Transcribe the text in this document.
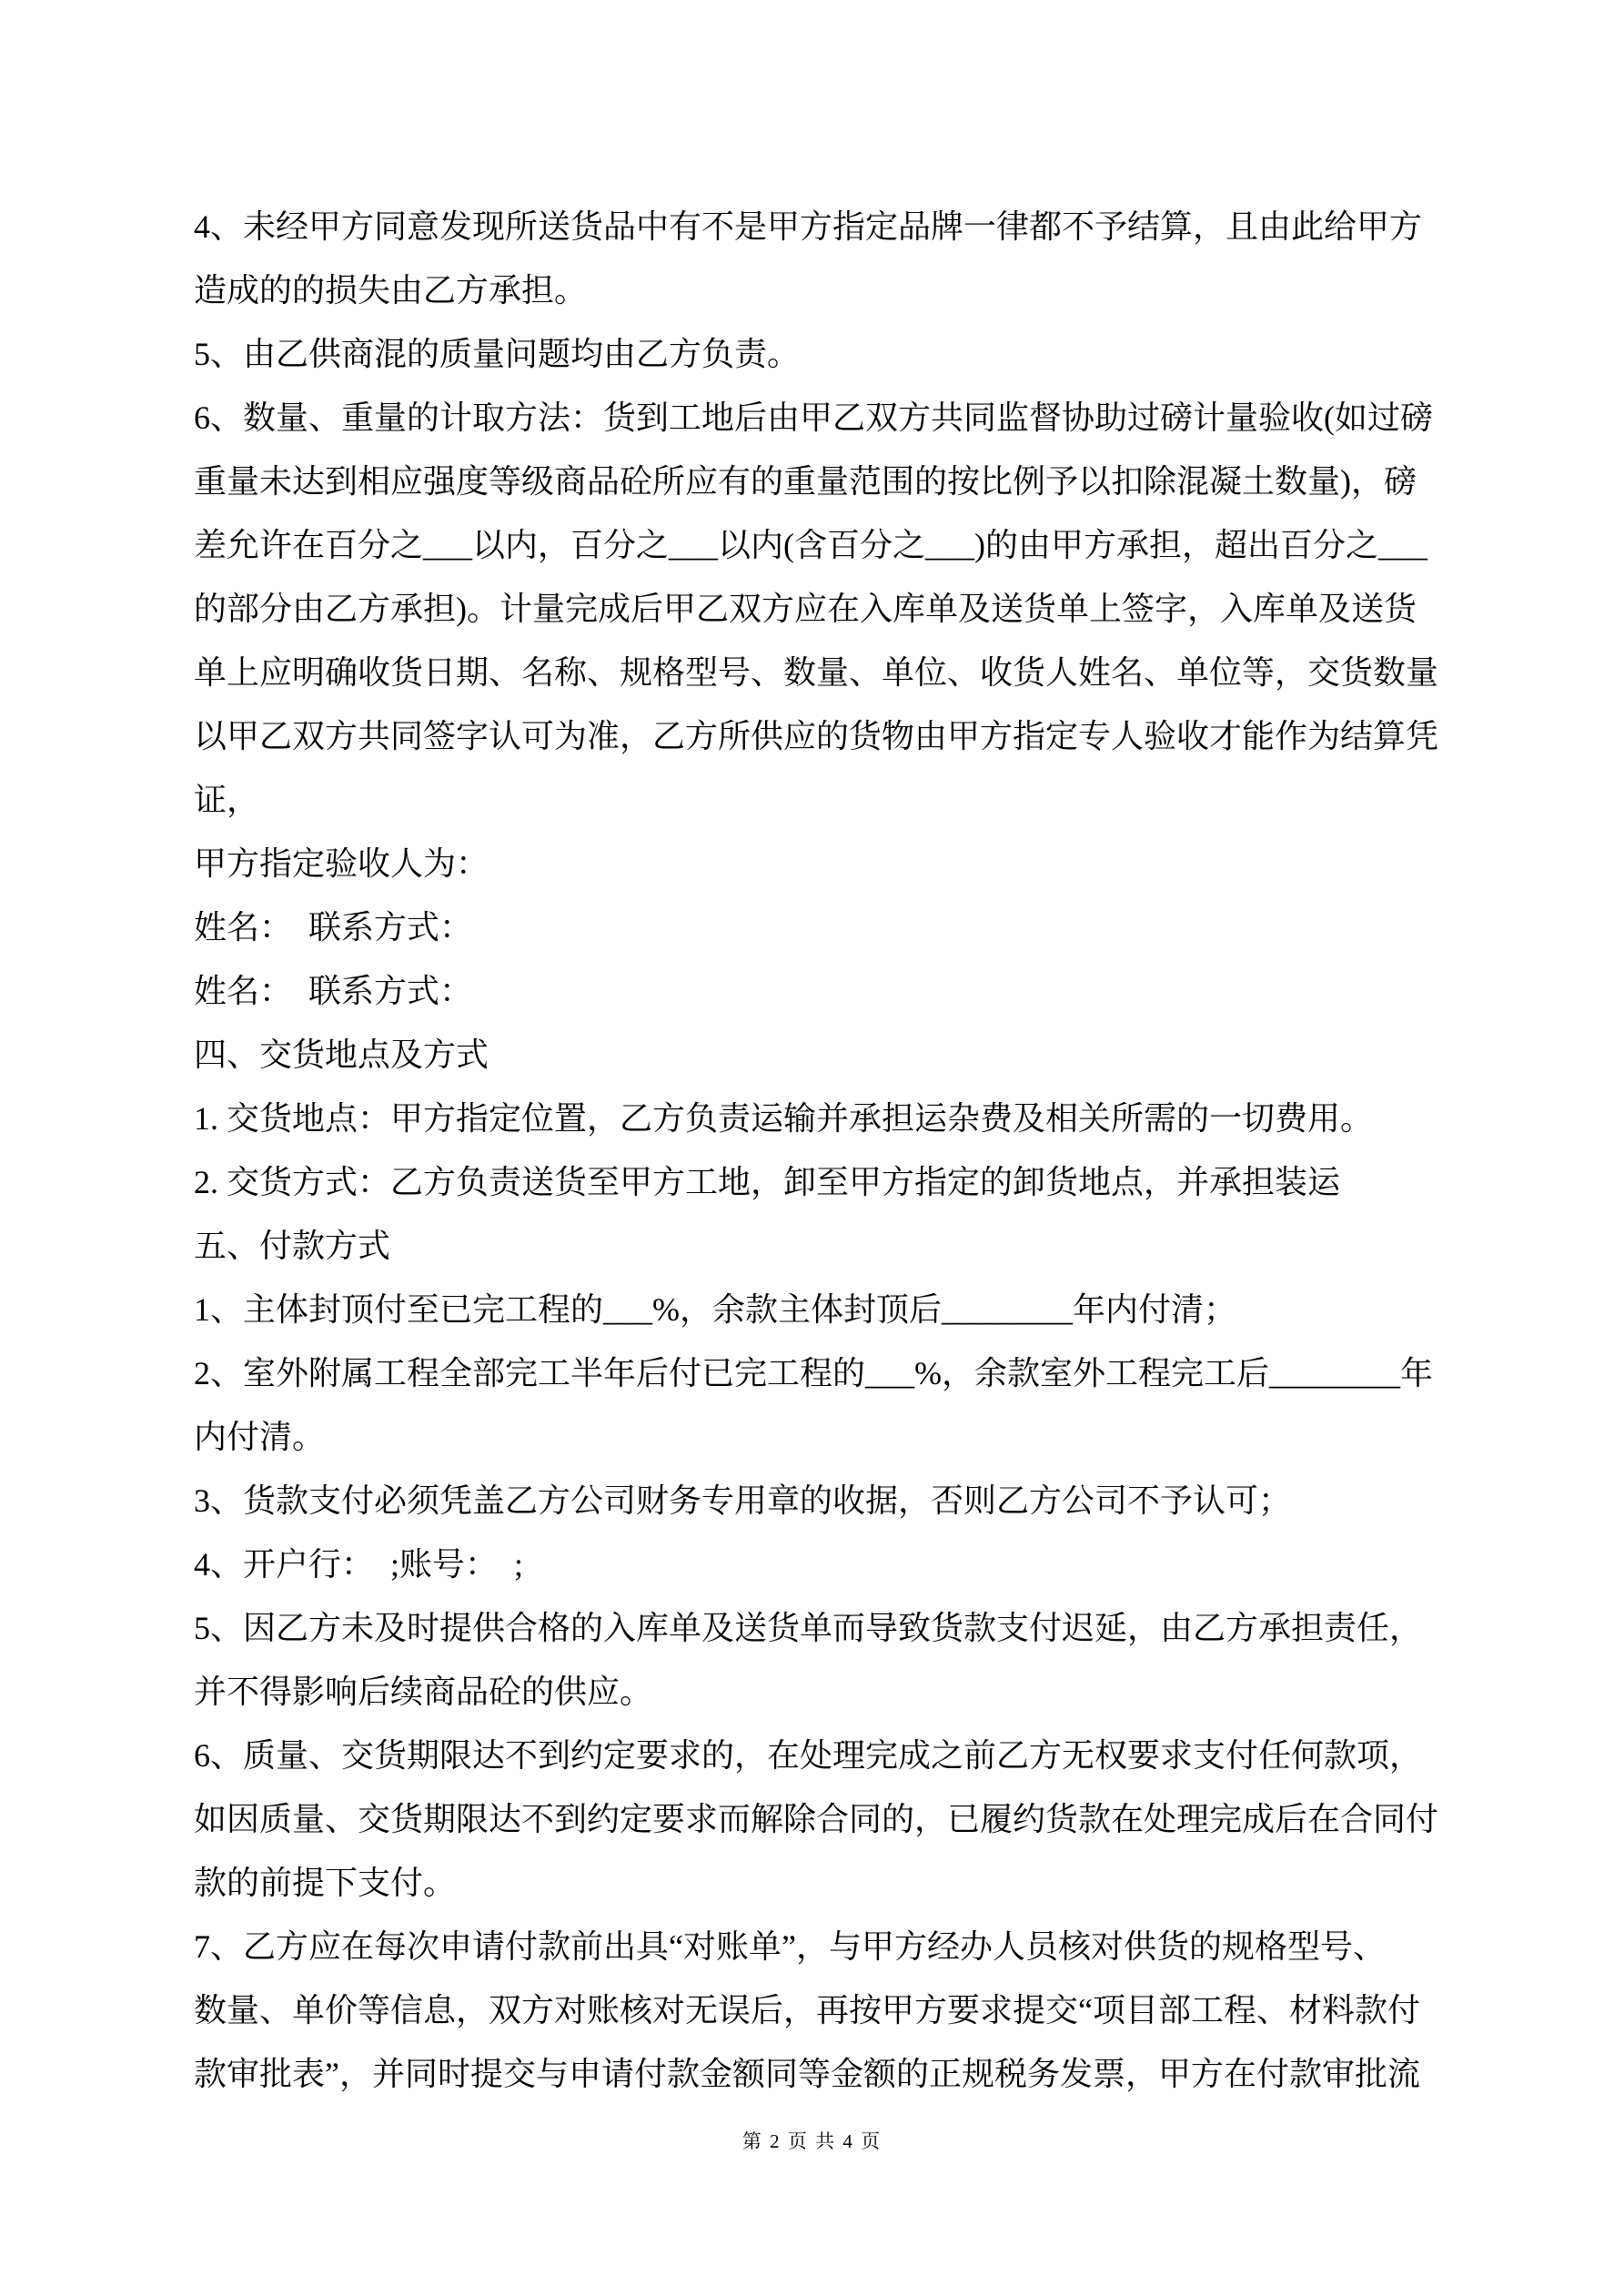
4、未经甲方同意发现所送货品中有不是甲方指定品牌一律都不予结算，且由此给甲方
造成的的损失由乙方承担。
5、由乙供商混的质量问题均由乙方负责。
6、数量、重量的计取方法：货到工地后由甲乙双方共同监督协助过磅计量验收(如过磅
重量未达到相应强度等级商品砼所应有的重量范围的按比例予以扣除混凝土数量)，磅
差允许在百分之___以内，百分之___以内(含百分之___)的由甲方承担，超出百分之___
的部分由乙方承担)。计量完成后甲乙双方应在入库单及送货单上签字，入库单及送货
单上应明确收货日期、名称、规格型号、数量、单位、收货人姓名、单位等，交货数量
以甲乙双方共同签字认可为准，乙方所供应的货物由甲方指定专人验收才能作为结算凭
证，
甲方指定验收人为：
姓名：　联系方式：
姓名：　联系方式：
四、交货地点及方式
1. 交货地点：甲方指定位置，乙方负责运输并承担运杂费及相关所需的一切费用。
2. 交货方式：乙方负责送货至甲方工地，卸至甲方指定的卸货地点，并承担装运
五、付款方式
1、主体封顶付至已完工程的___%，余款主体封顶后________年内付清；
2、室外附属工程全部完工半年后付已完工程的___%，余款室外工程完工后________年
内付清。
3、货款支付必须凭盖乙方公司财务专用章的收据，否则乙方公司不予认可；
4、开户行：　;账号：　;
5、因乙方未及时提供合格的入库单及送货单而导致货款支付迟延，由乙方承担责任，
并不得影响后续商品砼的供应。
6、质量、交货期限达不到约定要求的，在处理完成之前乙方无权要求支付任何款项，
如因质量、交货期限达不到约定要求而解除合同的，已履约货款在处理完成后在合同付
款的前提下支付。
7、乙方应在每次申请付款前出具“对账单”，与甲方经办人员核对供货的规格型号、
数量、单价等信息，双方对账核对无误后，再按甲方要求提交“项目部工程、材料款付
款审批表”，并同时提交与申请付款金额同等金额的正规税务发票，甲方在付款审批流
第 2 页 共 4 页
